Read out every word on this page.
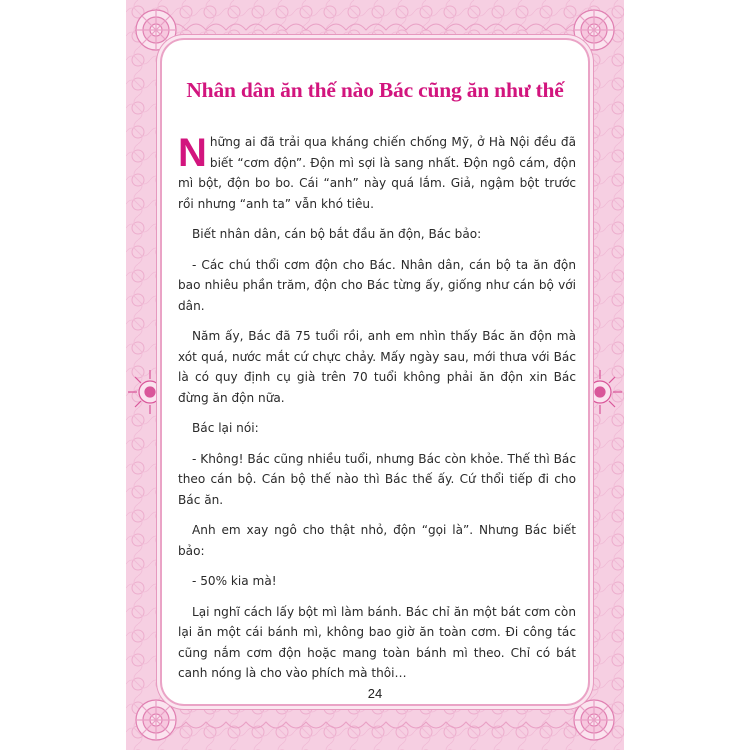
Nhân dân ăn thế nào Bác cũng ăn như thế

Những ai đã trải qua kháng chiến chống Mỹ, ở Hà Nội đều đã biết “cơm độn”. Độn mì sợi là sang nhất. Độn ngô cám, độn mì bột, độn bo bo. Cái “anh” này quá lắm. Giả, ngậm bột trước rồi nhưng “anh ta” vẫn khó tiêu.

Biết nhân dân, cán bộ bắt đầu ăn độn, Bác bảo:

- Các chú thổi cơm độn cho Bác. Nhân dân, cán bộ ta ăn độn bao nhiêu phần trăm, độn cho Bác từng ấy, giống như cán bộ với dân.

Năm ấy, Bác đã 75 tuổi rồi, anh em nhìn thấy Bác ăn độn mà xót quá, nước mắt cứ chực chảy. Mấy ngày sau, mới thưa với Bác là có quy định cụ già trên 70 tuổi không phải ăn độn xin Bác đừng ăn độn nữa.

Bác lại nói:

- Không! Bác cũng nhiều tuổi, nhưng Bác còn khỏe. Thế thì Bác theo cán bộ. Cán bộ thế nào thì Bác thế ấy. Cứ thổi tiếp đi cho Bác ăn.

Anh em xay ngô cho thật nhỏ, độn “gọi là”. Nhưng Bác biết bảo:

- 50% kia mà!

Lại nghĩ cách lấy bột mì làm bánh. Bác chỉ ăn một bát cơm còn lại ăn một cái bánh mì, không bao giờ ăn toàn cơm. Đi công tác cũng nắm cơm độn hoặc mang toàn bánh mì theo. Chỉ có bát canh nóng là cho vào phích mà thôi…

24
